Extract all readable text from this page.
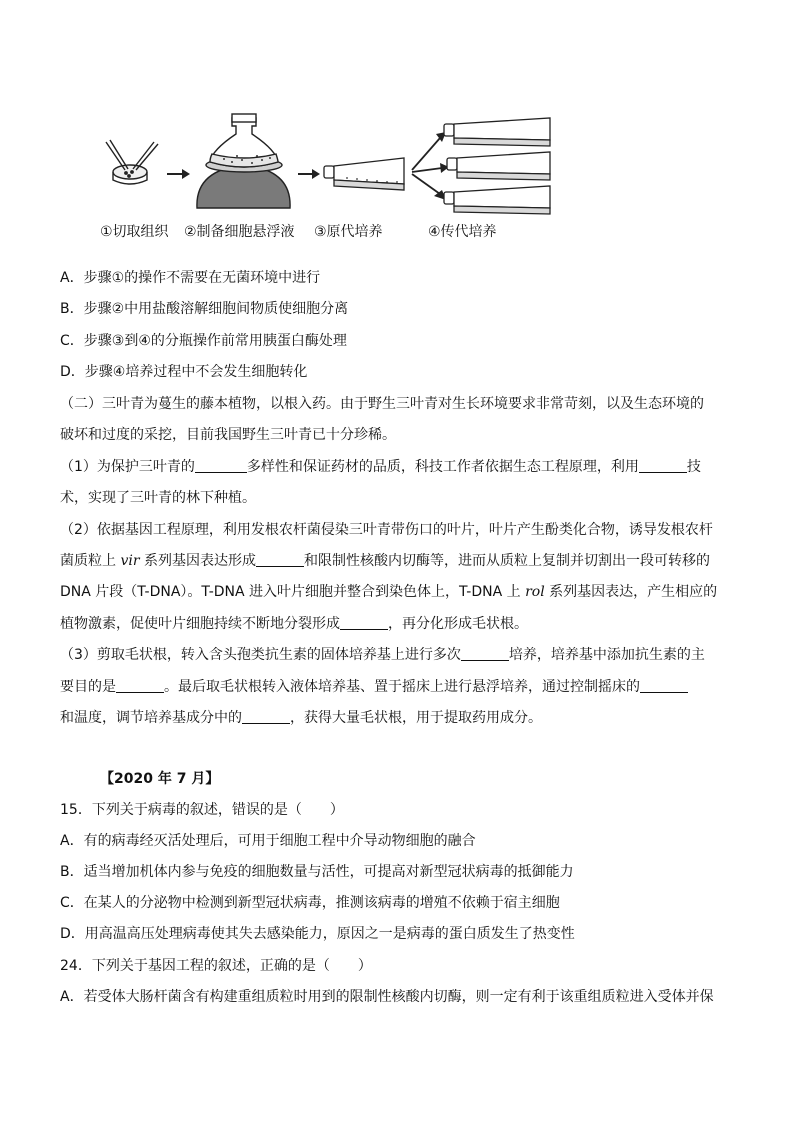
①切取组织 ②制备细胞悬浮液 ③原代培养	④传代培养
A．步骤①的操作不需要在无菌环境中进行
B．步骤②中用盐酸溶解细胞间物质使细胞分离
C．步骤③到④的分瓶操作前常用胰蛋白酶处理
D．步骤④培养过程中不会发生细胞转化
（二）三叶青为蔓生的藤本植物，以根入药。由于野生三叶青对生长环境要求非常苛刻，以及生态环境的
破坏和过度的采挖，目前我国野生三叶青已十分珍稀。
（1）为保护三叶青的	多样性和保证药材的品质，科技工作者依据生态工程原理，利用	技
术，实现了三叶青的林下种植。
（2）依据基因工程原理，利用发根农杆菌侵染三叶青带伤口的叶片，叶片产生酚类化合物，诱导发根农杆
菌质粒上 vir 系列基因表达形成	和限制性核酸内切酶等，进而从质粒上复制并切割出一段可转移的
DNA 片段（T-DNA）。T-DNA 进入叶片细胞并整合到染色体上，T-DNA 上 rol 系列基因表达，产生相应的
植物激素，促使叶片细胞持续不断地分裂形成	，再分化形成毛状根。
（3）剪取毛状根，转入含头孢类抗生素的固体培养基上进行多次	培养，培养基中添加抗生素的主
要目的是	。最后取毛状根转入液体培养基、置于摇床上进行悬浮培养，通过控制摇床的
和温度，调节培养基成分中的	，获得大量毛状根，用于提取药用成分。
【2020 年 7 月】
15．下列关于病毒的叙述，错误的是（　　）
A．有的病毒经灭活处理后，可用于细胞工程中介导动物细胞的融合
B．适当增加机体内参与免疫的细胞数量与活性，可提高对新型冠状病毒的抵御能力
C．在某人的分泌物中检测到新型冠状病毒，推测该病毒的增殖不依赖于宿主细胞
D．用高温高压处理病毒使其失去感染能力，原因之一是病毒的蛋白质发生了热变性
24．下列关于基因工程的叙述，正确的是（　　）
A．若受体大肠杆菌含有构建重组质粒时用到的限制性核酸内切酶，则一定有利于该重组质粒进入受体并保
